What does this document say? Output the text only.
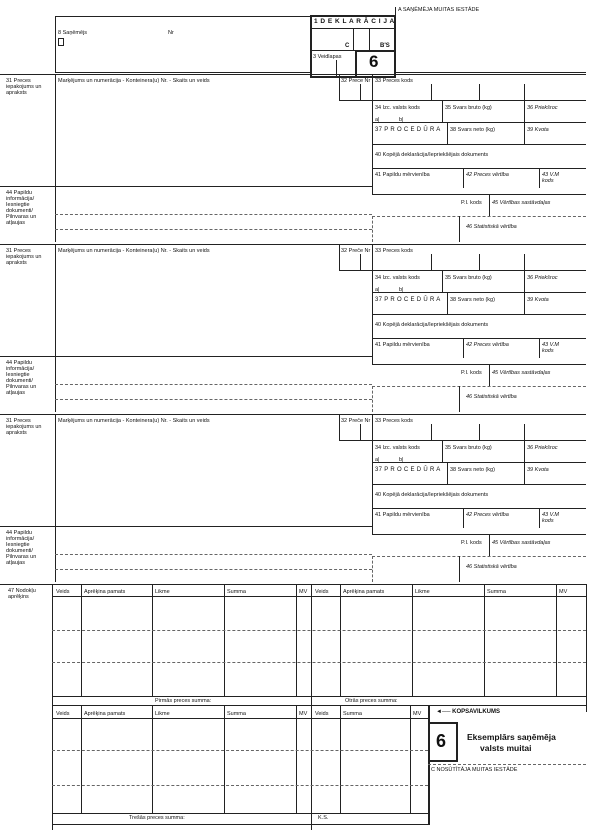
A SAŅĒMĒJA MUITAS IESTĀDE
1 D E K L A R Ā C I J A
C	B'S
3 Veidlapas 6
8 Saņēmējs	Nr
31 Preces iepakojums un apraksts
Marķējums un numerācija - Konteinera(u) Nr. - Skaits un veids	32 Prece Nr 33 Preces kods
34 Izc. valsts kods	35 Svars bruto (kg)	36 Priekšroc
a|	b|
37 P R O C E D Ū R A 38 Svars neto (kg)	39 Kvota
40 Kopējā deklarācija/Iepriekšējais dokuments
41 Papildu mērvienība	42 Preces vērtība	43 V.M kods
44 Papildu informācija/ Iesniegtie dokumenti/ Pilnvaras un atļaujas
P.I. kods 45 Vērtības sastāvdaļas
46 Statistiskā vērtība
31 Preces iepakojums un apraksts
Marķējums un numerācija - Konteinera(u) Nr. - Skaits un veids	32 Preče Nr 33 Preces kods
34 Izc. valsts kods	35 Svars bruto (kg)	36 Priekšroc
a|	b|
37 P R O C E D Ū R A 38 Svars neto (kg)	39 Kvota
40 Kopējā deklarācija/Iepriekšējais dokuments
41 Papildu mērvienība	42 Preces vērtība	43 V.M kods
44 Papildu informācija/ Iesniegtie dokumenti/ Pilnvaras un atļaujas
P.I. kods 45 Vērtības sastāvdaļas
46 Statistiskā vērtība
31 Preces iepakojums un apraksts
Marķējums un numerācija - Konteinera(u) Nr. - Skaits un veids	32 Preče Nr 33 Preces kods
34 Izc. valsts kods	35 Svars bruto (kg)	36 Priekšroc
a|	b|
37 P R O C E D Ū R A 38 Svars neto (kg)	39 Kvota
40 Kopējā deklarācija/Iepriekšējais dokuments
41 Papildu mērvienība	42 Preces vērtība	43 V.M kods
44 Papildu informācija/ Iesniegtie dokumenti/ Pilnvaras un atļaujas
P.I. kods 45 Vērtības sastāvdaļas
46 Statistiskā vērtība
47 Nodokļu aprēķins
Veids	Aprēķina pamats	Likme	Summa	MV Veids	Aprēķina pamats	Likme	Summa	MV
Pirmās preces summa:	Otrās preces summa:
Veids	Aprēķina pamats	Likme	Summa	MV Veids	Summa	MV ◄── KOPSAVILKUMS
6 Eksemplārs saņēmēja
valsts muitai
C NOSŪTĪTĀJA MUITAS IESTĀDE
Trešās preces summa:	K.S.
